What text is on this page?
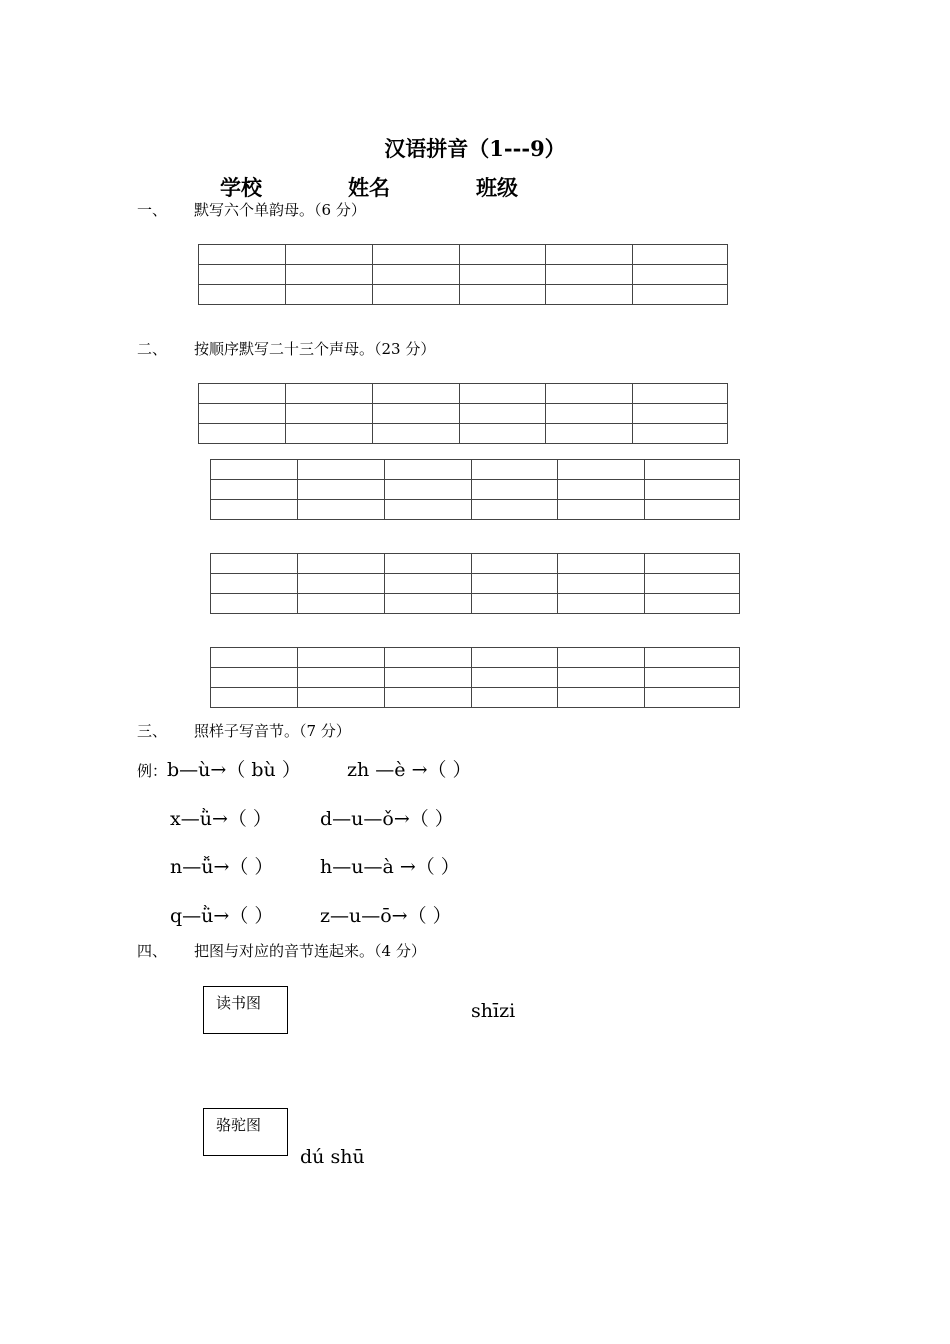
汉语拼音（1---9）
学校	姓名	班级
一、 默写六个单韵母。（6 分）

二、 按顺序默写二十三个声母。（23 分）

三、 照样子写音节。（7 分）
例：b—ù→（ bù ） zh —è →（ ）
x—ǜ→（ ）	d—u—ǒ→（ ）
n—ǚ→（ ） h—u—à →（ ）
q—ǜ→（ ） z—u—ō→（ ）
四、 把图与对应的音节连起来。（4 分）
读书图	shīzi
骆驼图
dú shū
